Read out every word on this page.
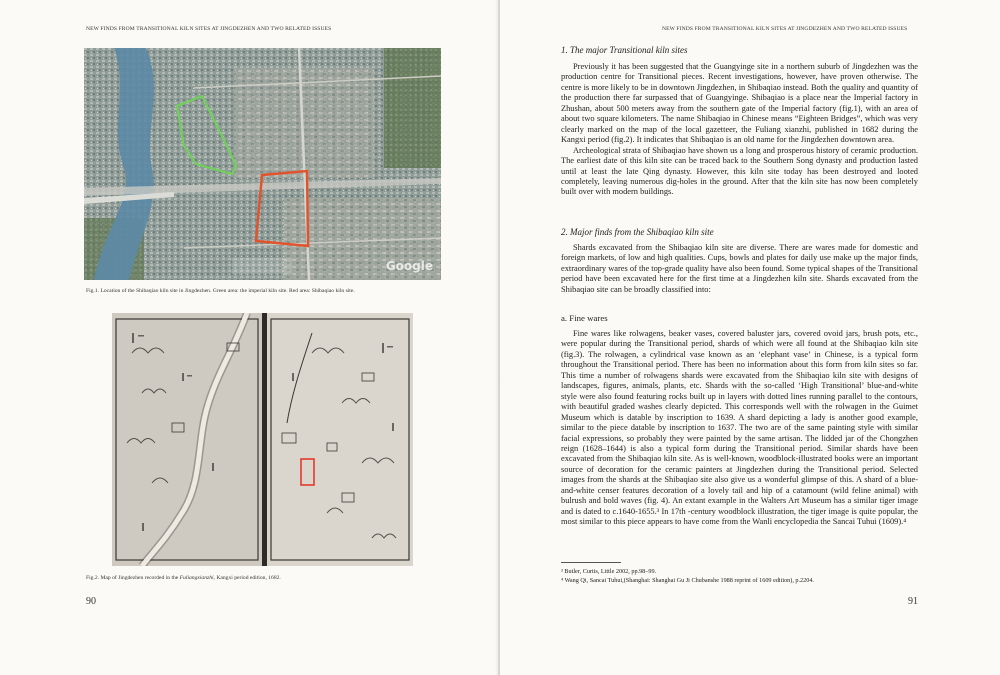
NEW FINDS FROM TRANSITIONAL KILN SITES AT JINGDEZHEN AND TWO RELATED ISSUES
Google
Fig.1. Location of the Shibaqiao kiln site in Jingdezhen. Green area: the imperial kiln site. Red area: Shibaqiao kiln site.
Fig.2. Map of Jingdezhen recorded in the Fuliangxianzhi, Kangxi period edition, 1682.
90
NEW FINDS FROM TRANSITIONAL KILN SITES AT JINGDEZHEN AND TWO RELATED ISSUES
1. The major Transitional kiln sites

Previously it has been suggested that the Guangyinge site in a northern suburb of Jingdezhen was the production centre for Transitional pieces. Recent investigations, however, have proven otherwise. The centre is more likely to be in downtown Jingdezhen, in Shibaqiao instead. Both the quality and quantity of the production there far surpassed that of Guangyinge. Shibaqiao is a place near the Imperial factory in Zhushan, about 500 meters away from the southern gate of the Imperial factory (fig.1), with an area of about two square kilometers. The name Shibaqiao in Chinese means “Eighteen Bridges”, which was very clearly marked on the map of the local gazetteer, the Fuliang xianzhi, published in 1682 during the Kangxi period (fig.2). It indicates that Shibaqiao is an old name for the Jingdezhen downtown area.

Archeological strata of Shibaqiao have shown us a long and prosperous history of ceramic production. The earliest date of this kiln site can be traced back to the Southern Song dynasty and production lasted until at least the late Qing dynasty. However, this kiln site today has been destroyed and looted completely, leaving numerous dig-holes in the ground. After that the kiln site has now been completely built over with modern buildings.

2. Major finds from the Shibaqiao kiln site

Shards excavated from the Shibaqiao kiln site are diverse. There are wares made for domestic and foreign markets, of low and high qualities. Cups, bowls and plates for daily use make up the major finds, extraordinary wares of the top-grade quality have also been found. Some typical shapes of the Transitional period have been excavated here for the first time at a Jingdezhen kiln site. Shards excavated from the Shibaqiao site can be broadly classified into:

a. Fine wares

Fine wares like rolwagens, beaker vases, covered baluster jars, covered ovoid jars, brush pots, etc., were popular during the Transitional period, shards of which were all found at the Shibaqiao kiln site (fig.3). The rolwagen, a cylindrical vase known as an ‘elephant vase’ in Chinese, is a typical form throughout the Transitional period. There has been no information about this form from kiln sites so far. This time a number of rolwagens shards were excavated from the Shibaqiao kiln site with designs of landscapes, figures, animals, plants, etc. Shards with the so-called ‘High Transitional’ blue-and-white style were also found featuring rocks built up in layers with dotted lines running parallel to the contours, with beautiful graded washes clearly depicted. This corresponds well with the rolwagen in the Guimet Museum which is datable by inscription to 1639. A shard depicting a lady is another good example, similar to the piece datable by inscription to 1637. The two are of the same painting style with similar facial expressions, so probably they were painted by the same artisan. The lidded jar of the Chongzhen reign (1628–1644) is also a typical form during the Transitional period. Similar shards have been excavated from the Shibaqiao kiln site. As is well-known, woodblock-illustrated books were an important source of decoration for the ceramic painters at Jingdezhen during the Transitional period. Selected images from the shards at the Shibaqiao site also give us a wonderful glimpse of this. A shard of a blue-and-white censer features decoration of a lovely tail and hip of a catamount (wild feline animal) with bulrush and bold waves (fig. 4). An extant example in the Walters Art Museum has a similar tiger image and is dated to c.1640-1655.³ In 17th -century woodblock illustration, the tiger image is quite popular, the most similar to this piece appears to have come from the Wanli encyclopedia the Sancai Tuhui (1609).⁴

³ Butler, Curtis, Little 2002, pp.98–99.
⁴ Wang Qi, Sancai Tuhui,(Shanghai: Shanghai Gu Ji Chubanshe 1988 reprint of 1609 edition), p.2204.
91
